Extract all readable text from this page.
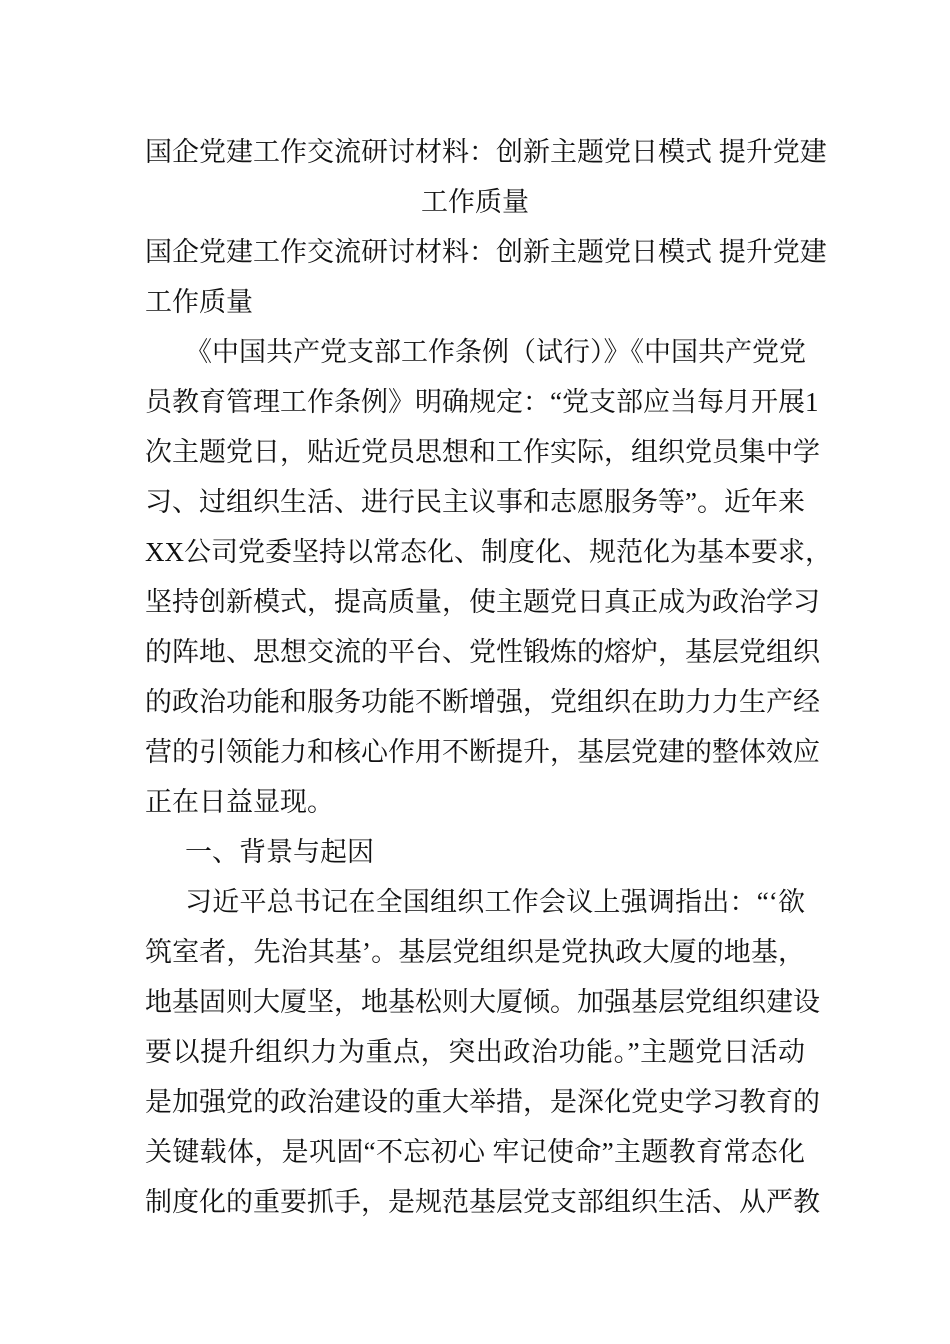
国企党建工作交流研讨材料：创新主题党日模式 提升党建
工作质量
国企党建工作交流研讨材料：创新主题党日模式 提升党建
工作质量
《中国共产党支部工作条例（试行）》《中国共产党党
员教育管理工作条例》明确规定：“党支部应当每月开展1
次主题党日，贴近党员思想和工作实际，组织党员集中学
习、过组织生活、进行民主议事和志愿服务等”。近年来
XX公司党委坚持以常态化、制度化、规范化为基本要求，
坚持创新模式，提高质量，使主题党日真正成为政治学习
的阵地、思想交流的平台、党性锻炼的熔炉，基层党组织
的政治功能和服务功能不断增强，党组织在助力力生产经
营的引领能力和核心作用不断提升，基层党建的整体效应
正在日益显现。
一、背景与起因
习近平总书记在全国组织工作会议上强调指出：“‘欲
筑室者，先治其基’。基层党组织是党执政大厦的地基，
地基固则大厦坚，地基松则大厦倾。加强基层党组织建设
要以提升组织力为重点，突出政治功能。”主题党日活动
是加强党的政治建设的重大举措，是深化党史学习教育的
关键载体，是巩固“不忘初心 牢记使命”主题教育常态化
制度化的重要抓手，是规范基层党支部组织生活、从严教
